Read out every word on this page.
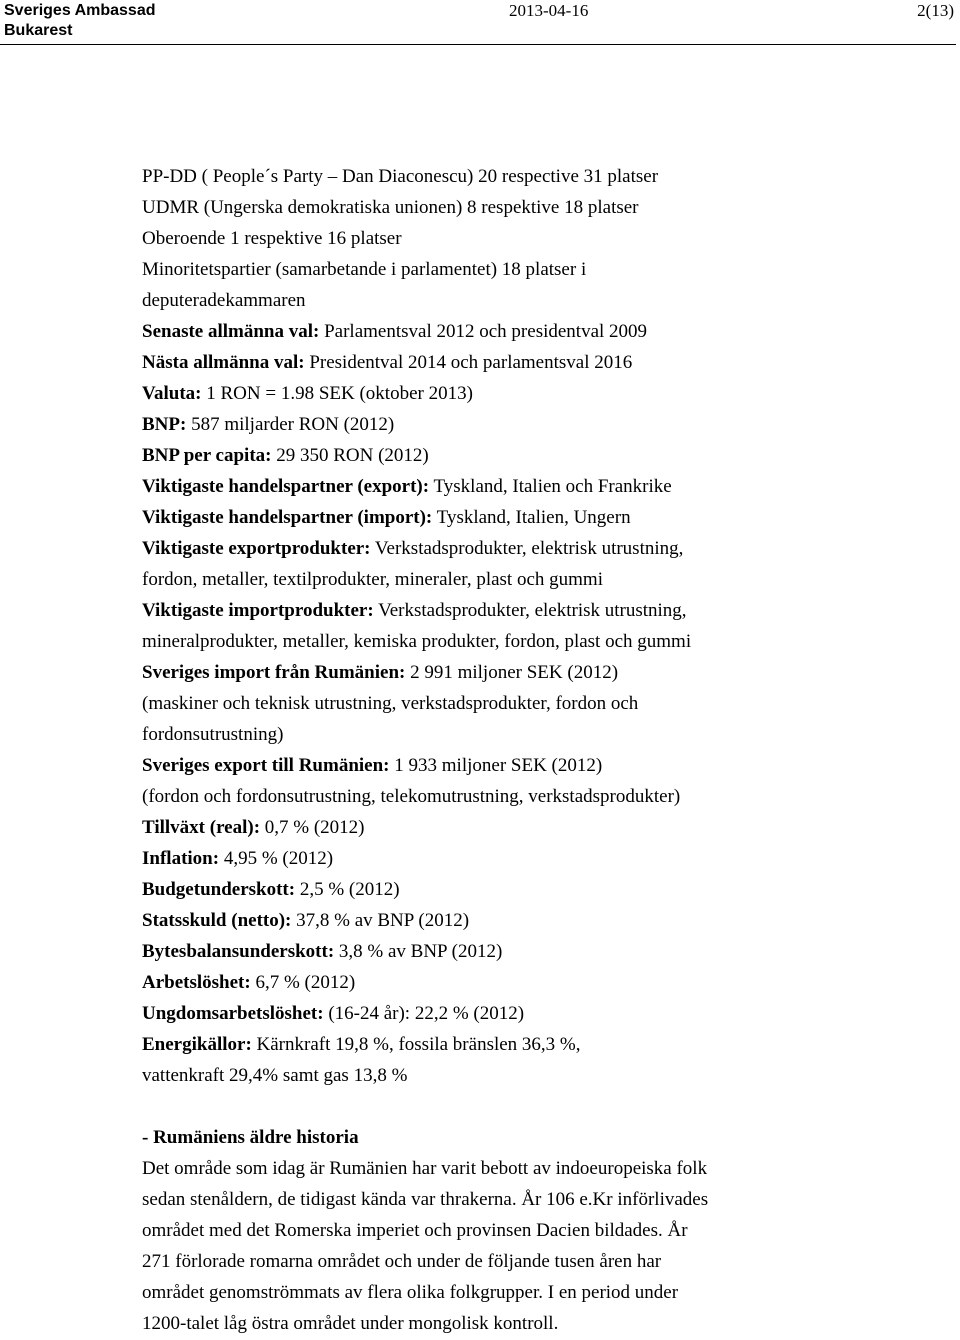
Sveriges Ambassad
Bukarest
2013-04-16	2(13)
PP-DD ( People´s Party – Dan Diaconescu) 20 respective 31 platser
UDMR (Ungerska demokratiska unionen) 8 respektive 18 platser
Oberoende 1 respektive 16 platser
Minoritetspartier (samarbetande i parlamentet) 18 platser i
deputeradekammaren
Senaste allmänna val: Parlamentsval 2012 och presidentval 2009
Nästa allmänna val: Presidentval 2014 och parlamentsval 2016
Valuta: 1 RON = 1.98 SEK (oktober 2013)
BNP: 587 miljarder RON (2012)
BNP per capita: 29 350 RON (2012)
Viktigaste handelspartner (export): Tyskland, Italien och Frankrike
Viktigaste handelspartner (import): Tyskland, Italien, Ungern
Viktigaste exportprodukter: Verkstadsprodukter, elektrisk utrustning,
fordon, metaller, textilprodukter, mineraler, plast och gummi
Viktigaste importprodukter: Verkstadsprodukter, elektrisk utrustning,
mineralprodukter, metaller, kemiska produkter, fordon, plast och gummi
Sveriges import från Rumänien: 2 991 miljoner SEK (2012)
(maskiner och teknisk utrustning, verkstadsprodukter, fordon och
fordonsutrustning)
Sveriges export till Rumänien: 1 933 miljoner SEK (2012)
(fordon och fordonsutrustning, telekomutrustning, verkstadsprodukter)
Tillväxt (real): 0,7 % (2012)
Inflation: 4,95 % (2012)
Budgetunderskott: 2,5 % (2012)
Statsskuld (netto): 37,8 % av BNP (2012)
Bytesbalansunderskott: 3,8 % av BNP (2012)
Arbetslöshet: 6,7 % (2012)
Ungdomsarbetslöshet: (16-24 år): 22,2 % (2012)
Energikällor: Kärnkraft 19,8 %, fossila bränslen 36,3 %,
vattenkraft 29,4% samt gas 13,8 %
- Rumäniens äldre historia
Det område som idag är Rumänien har varit bebott av indoeuropeiska folk
sedan stenåldern, de tidigast kända var thrakerna. År 106 e.Kr införlivades
området med det Romerska imperiet och provinsen Dacien bildades. År
271 förlorade romarna området och under de följande tusen åren har
området genomströmmats av flera olika folkgrupper. I en period under
1200-talet låg östra området under mongolisk kontroll.
